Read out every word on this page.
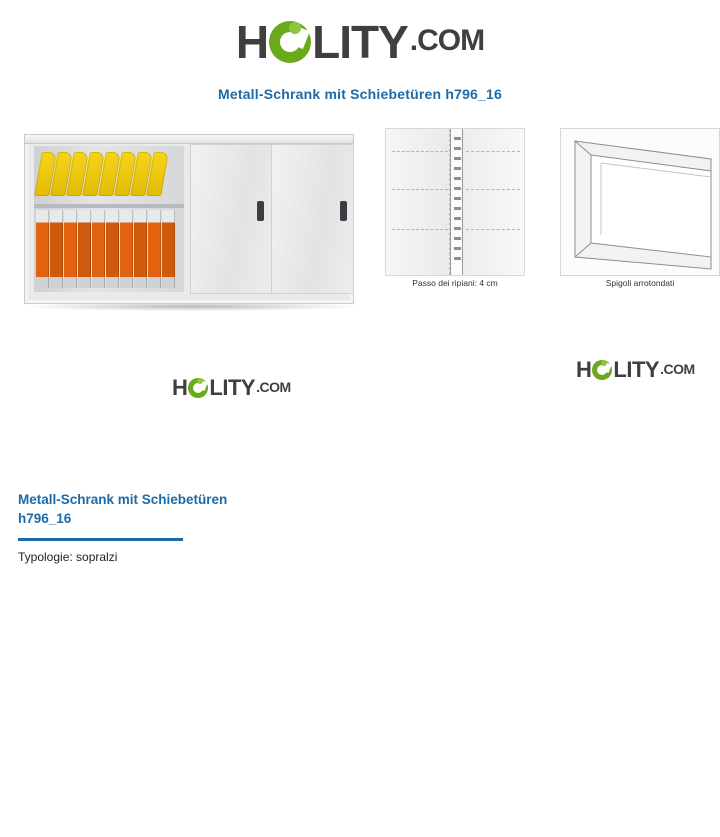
H LITY .COM
Metall-Schrank mit Schiebetüren h796_16
Passo dei ripiani: 4 cm	Spigoli arrotondati
H LITY .COM
H LITY .COM
Metall-Schrank mit Schiebetüren
h796_16
Typologie: sopralzi
